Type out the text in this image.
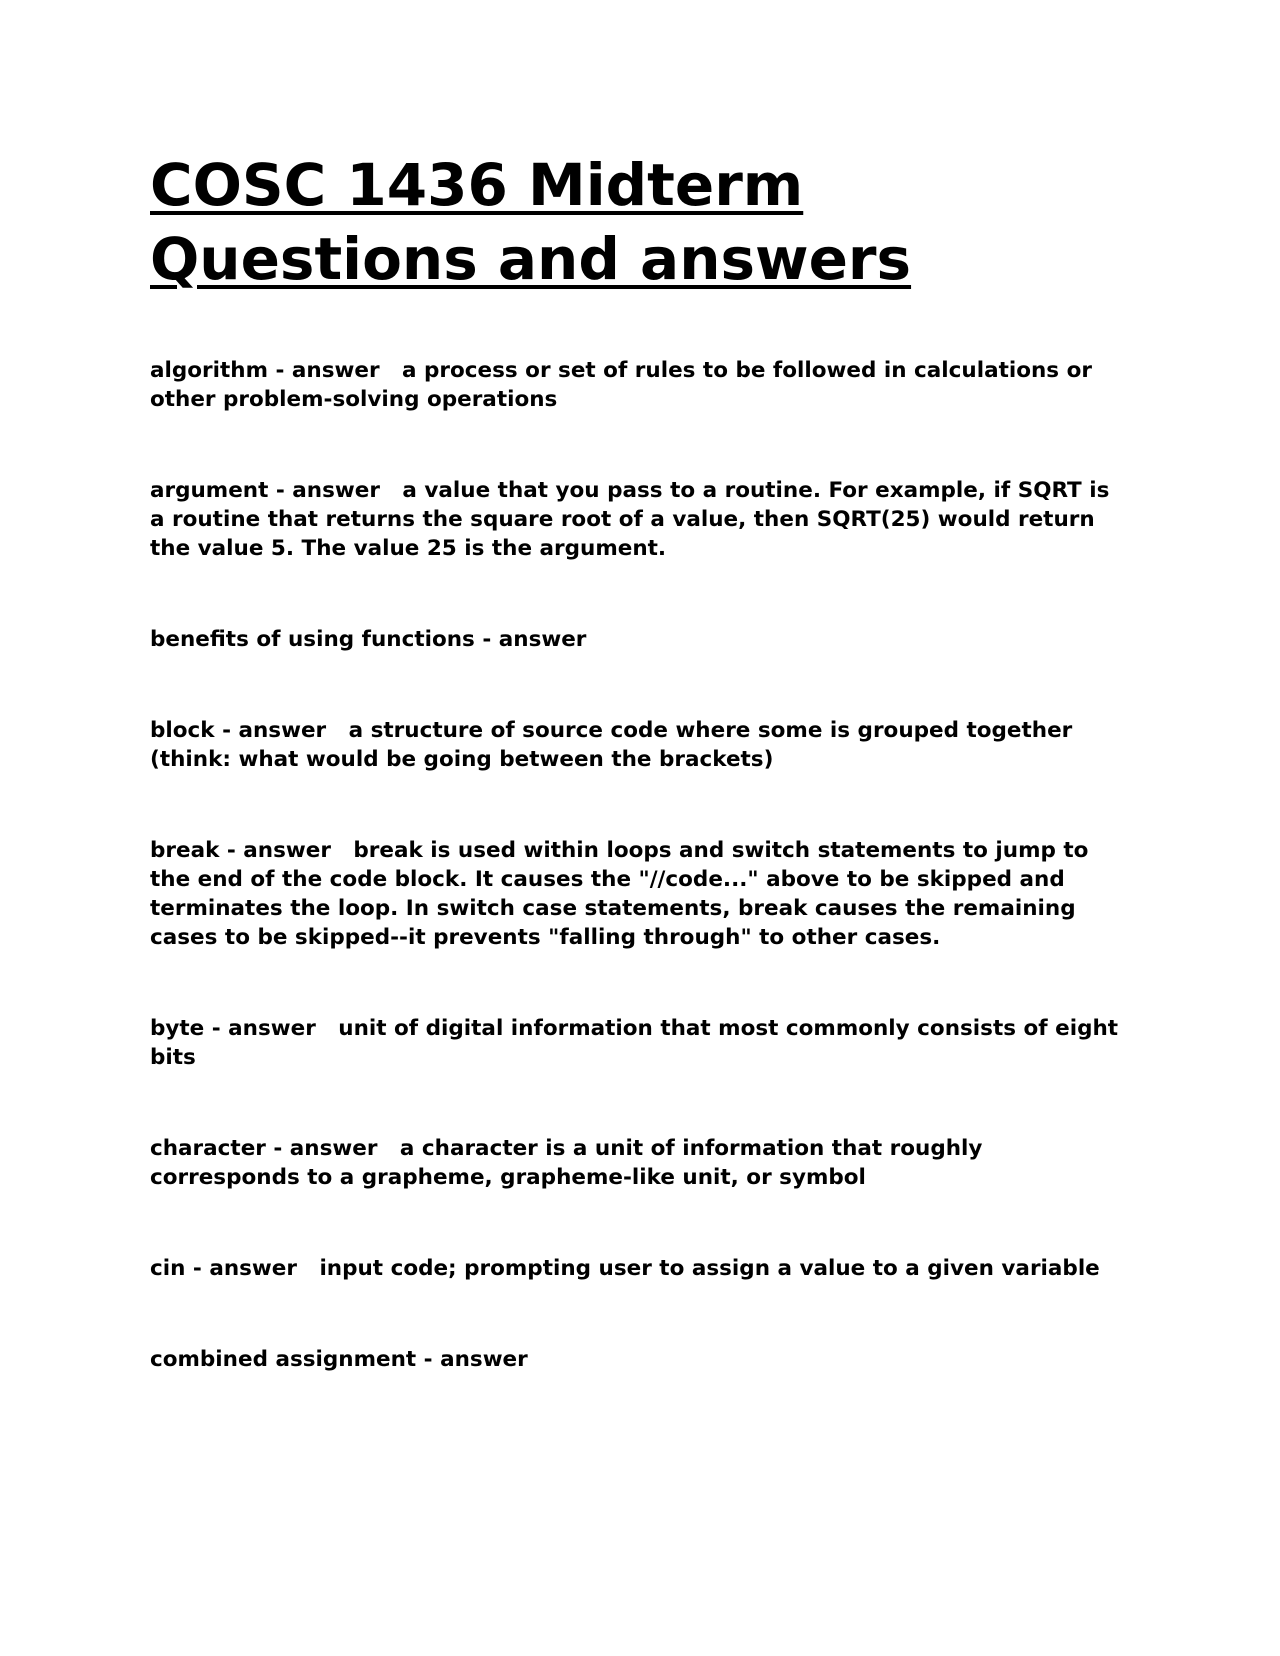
COSC 1436 Midterm
Questions and answers

algorithm - answer   a process or set of rules to be followed in calculations or other problem-solving operations

argument - answer   a value that you pass to a routine. For example, if SQRT is a routine that returns the square root of a value, then SQRT(25) would return the value 5. The value 25 is the argument.

benefits of using functions - answer

block - answer   a structure of source code where some is grouped together (think: what would be going between the brackets)

break - answer   break is used within loops and switch statements to jump to the end of the code block. It causes the "//code..." above to be skipped and terminates the loop. In switch case statements, break causes the remaining cases to be skipped--it prevents "falling through" to other cases.

byte - answer   unit of digital information that most commonly consists of eight bits

character - answer   a character is a unit of information that roughly corresponds to a grapheme, grapheme-like unit, or symbol

cin - answer   input code; prompting user to assign a value to a given variable

combined assignment - answer
